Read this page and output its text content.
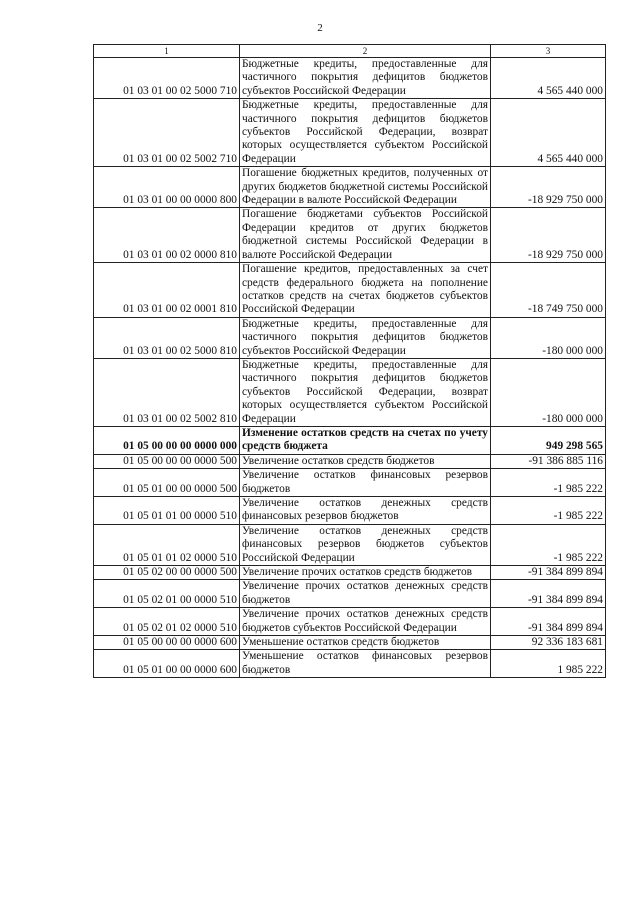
2
1	2	3
01 03 01 00 02 5000 710	Бюджетные кредиты, предоставленные для частичного покрытия дефицитов бюджетов субъектов Российской Федерации	4 565 440 000
01 03 01 00 02 5002 710	Бюджетные кредиты, предоставленные для частичного покрытия дефицитов бюджетов субъектов Российской Федерации, возврат которых осуществляется субъектом Российской Федерации	4 565 440 000
01 03 01 00 00 0000 800	Погашение бюджетных кредитов, полученных от других бюджетов бюджетной системы Российской Федерации в валюте Российской Федерации	-18 929 750 000
01 03 01 00 02 0000 810	Погашение бюджетами субъектов Российской Федерации кредитов от других бюджетов бюджетной системы Российской Федерации в валюте Российской Федерации	-18 929 750 000
01 03 01 00 02 0001 810	Погашение кредитов, предоставленных за счет средств федерального бюджета на пополнение остатков средств на счетах бюджетов субъектов Российской Федерации	-18 749 750 000
01 03 01 00 02 5000 810	Бюджетные кредиты, предоставленные для частичного покрытия дефицитов бюджетов субъектов Российской Федерации	-180 000 000
01 03 01 00 02 5002 810	Бюджетные кредиты, предоставленные для частичного покрытия дефицитов бюджетов субъектов Российской Федерации, возврат которых осуществляется субъектом Российской Федерации	-180 000 000
01 05 00 00 00 0000 000	Изменение остатков средств на счетах по учету средств бюджета	949 298 565
01 05 00 00 00 0000 500	Увеличение остатков средств бюджетов	-91 386 885 116
01 05 01 00 00 0000 500	Увеличение остатков финансовых резервов бюджетов	-1 985 222
01 05 01 01 00 0000 510	Увеличение остатков денежных средств финансовых резервов бюджетов	-1 985 222
01 05 01 01 02 0000 510	Увеличение остатков денежных средств финансовых резервов бюджетов субъектов Российской Федерации	-1 985 222
01 05 02 00 00 0000 500	Увеличение прочих остатков средств бюджетов	-91 384 899 894
01 05 02 01 00 0000 510	Увеличение прочих остатков денежных средств бюджетов	-91 384 899 894
01 05 02 01 02 0000 510	Увеличение прочих остатков денежных средств бюджетов субъектов Российской Федерации	-91 384 899 894
01 05 00 00 00 0000 600	Уменьшение остатков средств бюджетов	92 336 183 681
01 05 01 00 00 0000 600	Уменьшение остатков финансовых резервов бюджетов	1 985 222
